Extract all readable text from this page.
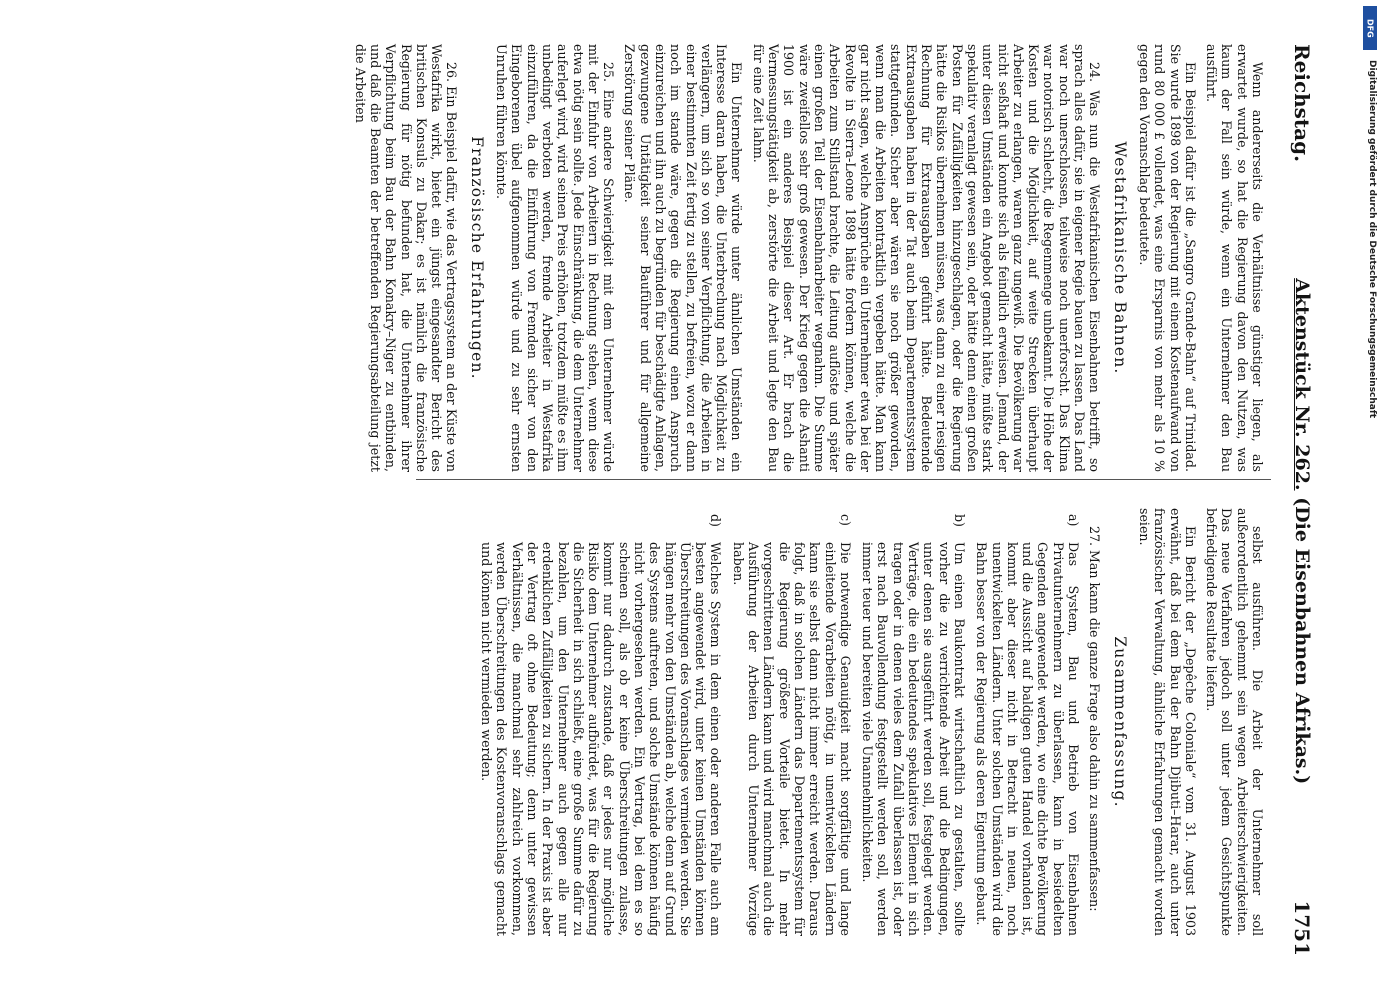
Reichstag.
Aktenstück Nr. 262. (Die Eisenbahnen Afrikas.)
1751

Wenn andererseits die Verhältnisse günstiger liegen, als erwartet wurde, so hat die Regierung davon den Nutzen, was kaum der Fall sein würde, wenn ein Unternehmer den Bau ausführt.

Ein Beispiel dafür ist die „Sangro Grande-Bahn“ auf Trinidad. Sie wurde 1898 von der Regierung mit einem Kostenaufwand von rund 80 000 £ vollendet, was eine Ersparnis von mehr als 10 % gegen den Voranschlag bedeutete.

Westafrikanische Bahnen.

24. Was nun die Westafrikanischen Eisenbahnen betrifft, so sprach alles dafür, sie in eigener Regie bauen zu lassen. Das Land war noch unerschlossen, teilweise noch unerforscht. Das Klima war notorisch schlecht, die Regenmenge unbekannt. Die Höhe der Kosten und die Möglichkeit, auf weite Strecken überhaupt Arbeiter zu erlangen, waren ganz ungewiß. Die Bevölkerung war nicht seßhaft und konnte sich als feindlich erweisen. Jemand, der unter diesen Umständen ein Angebot gemacht hätte, müßte stark spekulativ veranlagt gewesen sein, oder hätte denn einen großen Posten für Zufälligkeiten hinzugeschlagen, oder die Regierung hätte die Risikos übernehmen müssen, was dann zu einer riesigen Rechnung für Extraausgaben geführt hätte. Bedeutende Extraausgaben haben in der Tat auch beim Departementssystem stattgefunden. Sicher aber wären sie noch größer geworden, wenn man die Arbeiten kontraktlich vergeben hätte. Man kann gar nicht sagen, welche Ansprüche ein Unternehmer etwa bei der Revolte in Sierra-Leone 1898 hätte fordern können, welche die Arbeiten zum Stillstand brachte, die Leitung auflöste und später einen großen Teil der Eisenbahnarbeiter wegnahm. Die Summe wäre zweifellos sehr groß gewesen. Der Krieg gegen die Ashanti 1900 ist ein anderes Beispiel dieser Art. Er brach die Vermessungstätigkeit ab, zerstörte die Arbeit und legte den Bau für eine Zeit lahm.

Ein Unternehmer würde unter ähnlichen Umständen ein Interesse daran haben, die Unterbrechung nach Möglichkeit zu verlängern, um sich so von seiner Verpflichtung, die Arbeiten in einer bestimmten Zeit fertig zu stellen, zu befreien, wozu er dann noch im stande wäre, gegen die Regierung einen Anspruch einzureichen und ihn auch zu begründen für beschädigte Anlagen, gezwungene Untätigkeit seiner Bauführer und für allgemeine Zerstörung seiner Pläne.

25. Eine andere Schwierigkeit mit dem Unternehmer würde mit der Einfuhr von Arbeitern in Rechnung stehen, wenn diese etwa nötig sein sollte. Jede Einschränkung, die dem Unternehmer auferlegt wird, wird seinen Preis erhöhen, trotzdem müßte es ihm unbedingt verboten werden, fremde Arbeiter in Westafrika einzuführen, da die Einführung von Fremden sicher von den Eingeborenen übel aufgenommen würde und zu sehr ernsten Unruhen führen könnte.

Französische Erfahrungen.

26. Ein Beispiel dafür, wie das Vertragssystem an der Küste von Westafrika wirkt, bietet ein jüngst eingesandter Bericht des britischen Konsuls zu Dakar; es ist nämlich die französische Regierung für nötig befunden hat, die Unternehmer ihrer Verpflichtung beim Bau der Bahn Konakry–Niger zu entbinden, und daß die Beamten der betreffenden Regierungsabteilung jetzt die Arbeiten

selbst ausführen. Die Arbeit der Unternehmer soll außerordentlich gehemmt sein wegen Arbeiterschwierigkeiten. Das neue Verfahren jedoch soll unter jedem Gesichtspunkte befriedigende Resultate liefern.

Ein Bericht der „Depêche Coloniale“ vom 31. August 1903 erwähnt, daß bei dem Bau der Bahn Djibuti–Harar, auch unter französischer Verwaltung, ähnliche Erfahrungen gemacht worden seien.

Zusammenfassung.

27. Man kann die ganze Frage also dahin zu sammenfassen:

a)
Das System, Bau und Betrieb von Eisenbahnen Privatunternehmern zu überlassen, kann in besiedelten Gegenden angewendet werden, wo eine dichte Bevölkerung und die Aussicht auf baldigen guten Handel vorhanden ist, kommt aber dieser nicht in Betracht in neuen, noch unentwickelten Ländern. Unter solchen Umständen wird die Bahn besser von der Regierung als deren Eigentum gebaut.
b)
Um einen Baukontrakt wirtschaftlich zu gestalten, sollte vorher die zu verrichtende Arbeit und die Bedingungen, unter denen sie ausgeführt werden soll, festgelegt werden. Verträge, die ein bedeutendes spekulatives Element in sich tragen oder in denen vieles dem Zufall überlassen ist, oder erst nach Bauvollendung festgestellt werden soll, werden immer teuer und bereiten viele Unannehmlichkeiten.
c)
Die notwendige Genauigkeit macht sorgfältige und lange einleitende Vorarbeiten nötig, in unentwickelten Ländern kann sie selbst dann nicht immer erreicht werden. Daraus folgt, daß in solchen Ländern das Departementssystem für die Regierung größere Vorteile bietet. In mehr vorgeschrittenen Ländern kann und wird manchmal auch die Ausführung der Arbeiten durch Unternehmer Vorzüge haben.
d)
Welches System in dem einen oder anderen Falle auch am besten angewendet wird, unter keinen Umständen können Überschreitungen des Voranschlages vermieden werden. Sie hängen mehr von den Umständen ab, welche denn auf Grund des Systems auftreten, und solche Umstände können häufig nicht vorhergesehen werden. Ein Vertrag, bei dem es so scheinen soll, als ob er keine Überschreitungen zulasse, kommt nur dadurch zustande, daß er jedes nur mögliche Risiko dem Unternehmer aufbürdet, was für die Regierung die Sicherheit in sich schließt, eine große Summe dafür zu bezahlen, um den Unternehmer auch gegen alle nur erdenklichen Zufälligkeiten zu sichern. In der Praxis ist aber der Vertrag oft ohne Bedeutung; denn unter gewissen Verhältnissen, die manchmal sehr zahlreich vorkommen, werden Überschreitungen des Kostenvoranschlags gemacht und können nicht vermieden werden.
DFG
Digitalisierung gefördert durch die Deutsche Forschungsgemeinschaft
